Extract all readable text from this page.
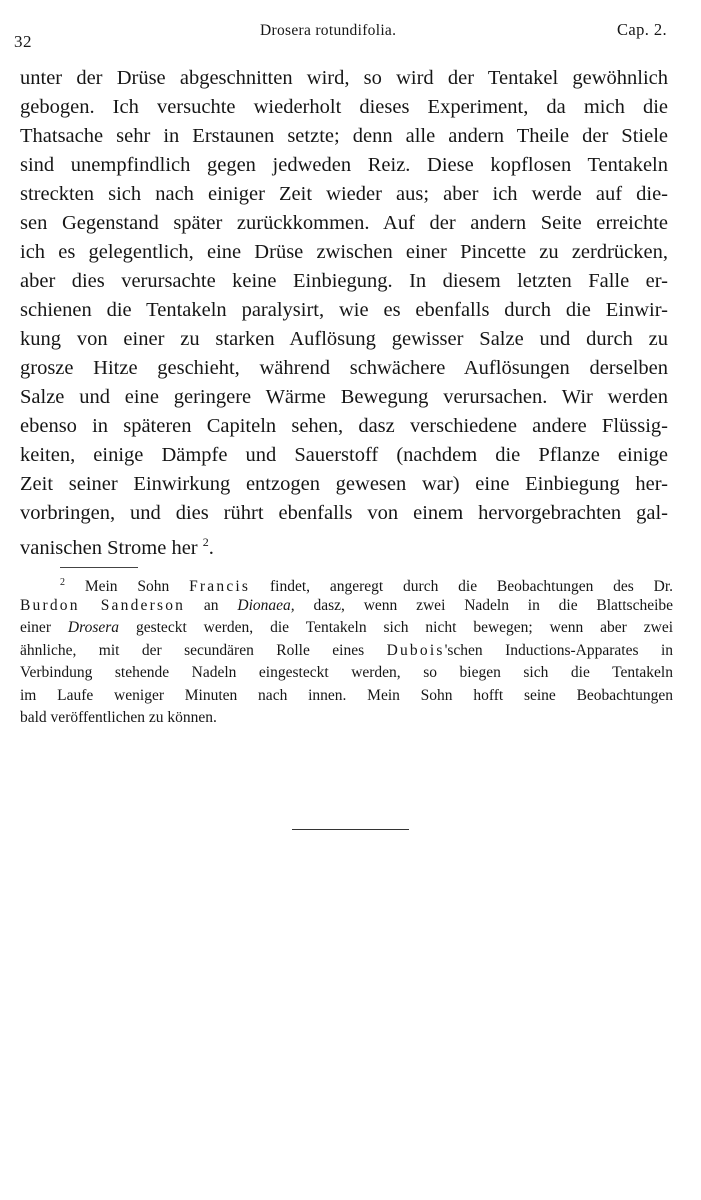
32
Drosera rotundifolia.	Cap. 2.
unter der Drüse abgeschnitten wird, so wird der Tentakel gewöhnlich
gebogen. Ich versuchte wiederholt dieses Experiment, da mich die
Thatsache sehr in Erstaunen setzte; denn alle andern Theile der Stiele
sind unempfindlich gegen jedweden Reiz. Diese kopflosen Tentakeln
streckten sich nach einiger Zeit wieder aus; aber ich werde auf die-
sen Gegenstand später zurückkommen. Auf der andern Seite erreichte
ich es gelegentlich, eine Drüse zwischen einer Pincette zu zerdrücken,
aber dies verursachte keine Einbiegung. In diesem letzten Falle er-
schienen die Tentakeln paralysirt, wie es ebenfalls durch die Einwir-
kung von einer zu starken Auflösung gewisser Salze und durch zu
grosze Hitze geschieht, während schwächere Auflösungen derselben
Salze und eine geringere Wärme Bewegung verursachen. Wir werden
ebenso in späteren Capiteln sehen, dasz verschiedene andere Flüssig-
keiten, einige Dämpfe und Sauerstoff (nachdem die Pflanze einige
Zeit seiner Einwirkung entzogen gewesen war) eine Einbiegung her-
vorbringen, und dies rührt ebenfalls von einem hervorgebrachten gal-
vanischen Strome her $^2$.
$^2$ Mein Sohn Francis findet, angeregt durch die Beobachtungen des Dr.
Burdon Sanderson an Dionaea, dasz, wenn zwei Nadeln in die Blattscheibe
einer Drosera gesteckt werden, die Tentakeln sich nicht bewegen; wenn aber zwei
ähnliche, mit der secundären Rolle eines Dubois'schen Inductions-Apparates in
Verbindung stehende Nadeln eingesteckt werden, so biegen sich die Tentakeln
im Laufe weniger Minuten nach innen. Mein Sohn hofft seine Beobachtungen
bald veröffentlichen zu können.
